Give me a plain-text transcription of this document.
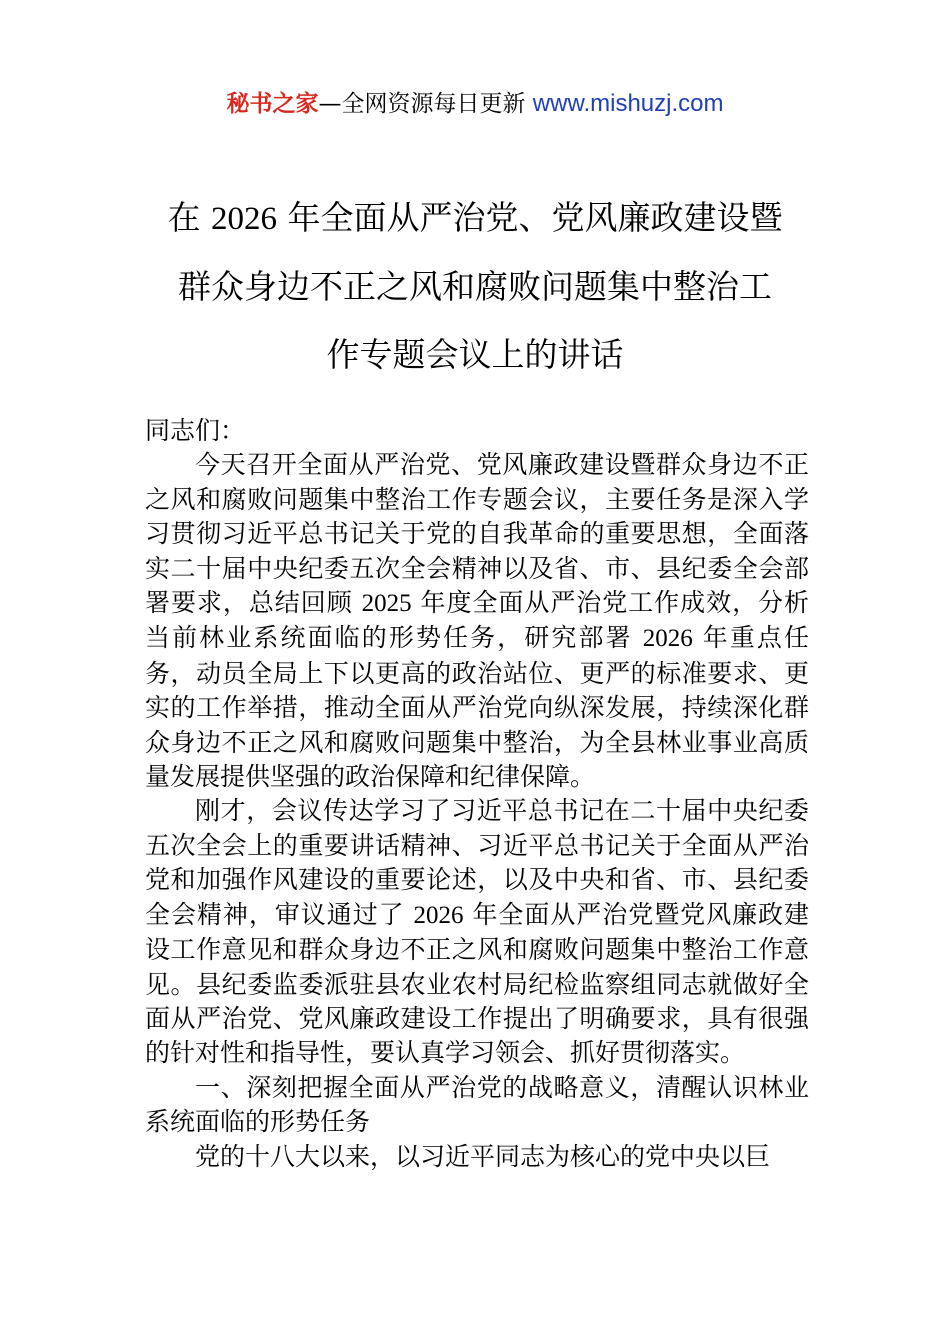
秘书之家—全网资源每日更新 www.mishuzj.com
在 2026 年全面从严治党、党风廉政建设暨
群众身边不正之风和腐败问题集中整治工
作专题会议上的讲话

同志们：

今天召开全面从严治党、党风廉政建设暨群众身边不正之风和腐败问题集中整治工作专题会议，主要任务是深入学习贯彻习近平总书记关于党的自我革命的重要思想，全面落实二十届中央纪委五次全会精神以及省、市、县纪委全会部署要求，总结回顾 2025 年度全面从严治党工作成效，分析当前林业系统面临的形势任务，研究部署 2026 年重点任务，动员全局上下以更高的政治站位、更严的标准要求、更实的工作举措，推动全面从严治党向纵深发展，持续深化群众身边不正之风和腐败问题集中整治，为全县林业事业高质量发展提供坚强的政治保障和纪律保障。

刚才，会议传达学习了习近平总书记在二十届中央纪委五次全会上的重要讲话精神、习近平总书记关于全面从严治党和加强作风建设的重要论述，以及中央和省、市、县纪委全会精神，审议通过了 2026 年全面从严治党暨党风廉政建设工作意见和群众身边不正之风和腐败问题集中整治工作意见。县纪委监委派驻县农业农村局纪检监察组同志就做好全面从严治党、党风廉政建设工作提出了明确要求，具有很强的针对性和指导性，要认真学习领会、抓好贯彻落实。

一、深刻把握全面从严治党的战略意义，清醒认识林业系统面临的形势任务

党的十八大以来，以习近平同志为核心的党中央以巨
